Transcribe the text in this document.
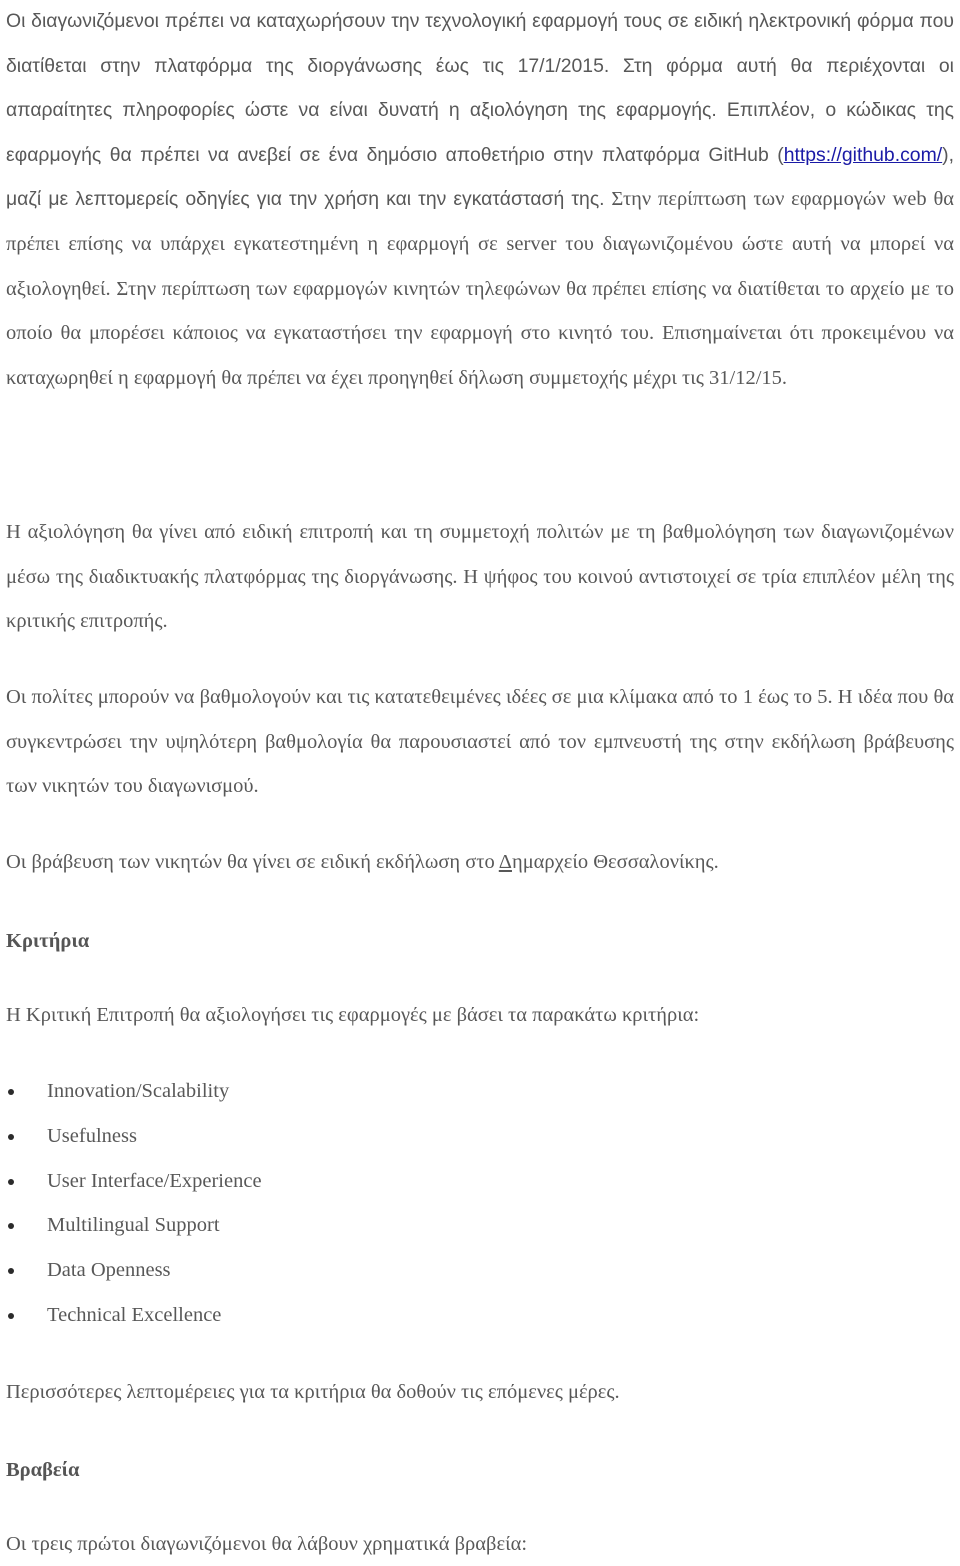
Οι διαγωνιζόμενοι πρέπει να καταχωρήσουν την τεχνολογική εφαρμογή τους σε ειδική ηλεκτρονική φόρμα που διατίθεται στην πλατφόρμα της διοργάνωσης έως τις 17/1/2015. Στη φόρμα αυτή θα περιέχονται οι απαραίτητες πληροφορίες ώστε να είναι δυνατή η αξιολόγηση της εφαρμογής. Επιπλέον, ο κώδικας της εφαρμογής θα πρέπει να ανεβεί σε ένα δημόσιο αποθετήριο στην πλατφόρμα GitHub (https://github.com/), μαζί με λεπτομερείς οδηγίες για την χρήση και την εγκατάστασή της. Στην περίπτωση των εφαρμογών web θα πρέπει επίσης να υπάρχει εγκατεστημένη η εφαρμογή σε server του διαγωνιζομένου ώστε αυτή να μπορεί να αξιολογηθεί. Στην περίπτωση των εφαρμογών κινητών τηλεφώνων θα πρέπει επίσης να διατίθεται το αρχείο με το οποίο θα μπορέσει κάποιος να εγκαταστήσει την εφαρμογή στο κινητό του. Επισημαίνεται ότι προκειμένου να καταχωρηθεί η εφαρμογή θα πρέπει να έχει προηγηθεί δήλωση συμμετοχής μέχρι τις 31/12/15.

Η αξιολόγηση θα γίνει από ειδική επιτροπή και τη συμμετοχή πολιτών με τη βαθμολόγηση των διαγωνιζομένων μέσω της διαδικτυακής πλατφόρμας της διοργάνωσης. Η ψήφος του κοινού αντιστοιχεί σε τρία επιπλέον μέλη της κριτικής επιτροπής.

Οι πολίτες μπορούν να βαθμολογούν και τις κατατεθειμένες ιδέες σε μια κλίμακα από το 1 έως το 5. Η ιδέα που θα συγκεντρώσει την υψηλότερη βαθμολογία θα παρουσιαστεί από τον εμπνευστή της στην εκδήλωση βράβευσης των νικητών του διαγωνισμού.

Οι βράβευση των νικητών θα γίνει σε ειδική εκδήλωση στο Δημαρχείο Θεσσαλονίκης.

Κριτήρια

Η Κριτική Επιτροπή θα αξιολογήσει τις εφαρμογές με βάσει τα παρακάτω κριτήρια:

Innovation/Scalability
Usefulness
User Interface/Experience
Multilingual Support
Data Openness
Technical Excellence

Περισσότερες λεπτομέρειες για τα κριτήρια θα δοθούν τις επόμενες μέρες.

Βραβεία

Οι τρεις πρώτοι διαγωνιζόμενοι θα λάβουν χρηματικά βραβεία:
